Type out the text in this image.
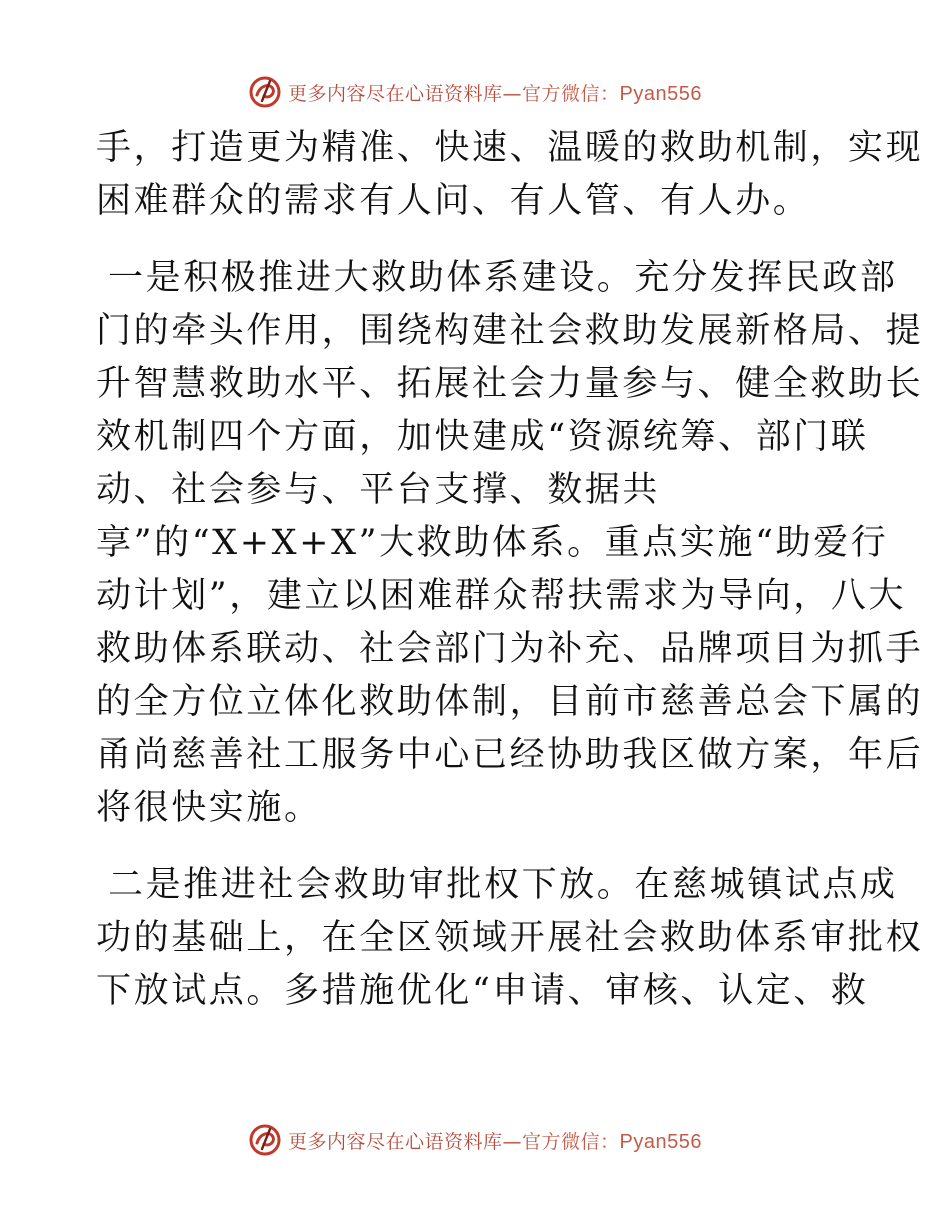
更多内容尽在心语资料库—官方微信：Pyan556

手，打造更为精准、快速、温暖的救助机制，实现
困难群众的需求有人问、有人管、有人办。

一是积极推进大救助体系建设。充分发挥民政部
门的牵头作用，围绕构建社会救助发展新格局、提
升智慧救助水平、拓展社会力量参与、健全救助长
效机制四个方面，加快建成“资源统筹、部门联
动、社会参与、平台支撑、数据共
享”的“X+X+X”大救助体系。重点实施“助爱行
动计划”，建立以困难群众帮扶需求为导向，八大
救助体系联动、社会部门为补充、品牌项目为抓手
的全方位立体化救助体制，目前市慈善总会下属的
甬尚慈善社工服务中心已经协助我区做方案，年后
将很快实施。

二是推进社会救助审批权下放。在慈城镇试点成
功的基础上，在全区领域开展社会救助体系审批权
下放试点。多措施优化“申请、审核、认定、救

更多内容尽在心语资料库—官方微信：Pyan556
